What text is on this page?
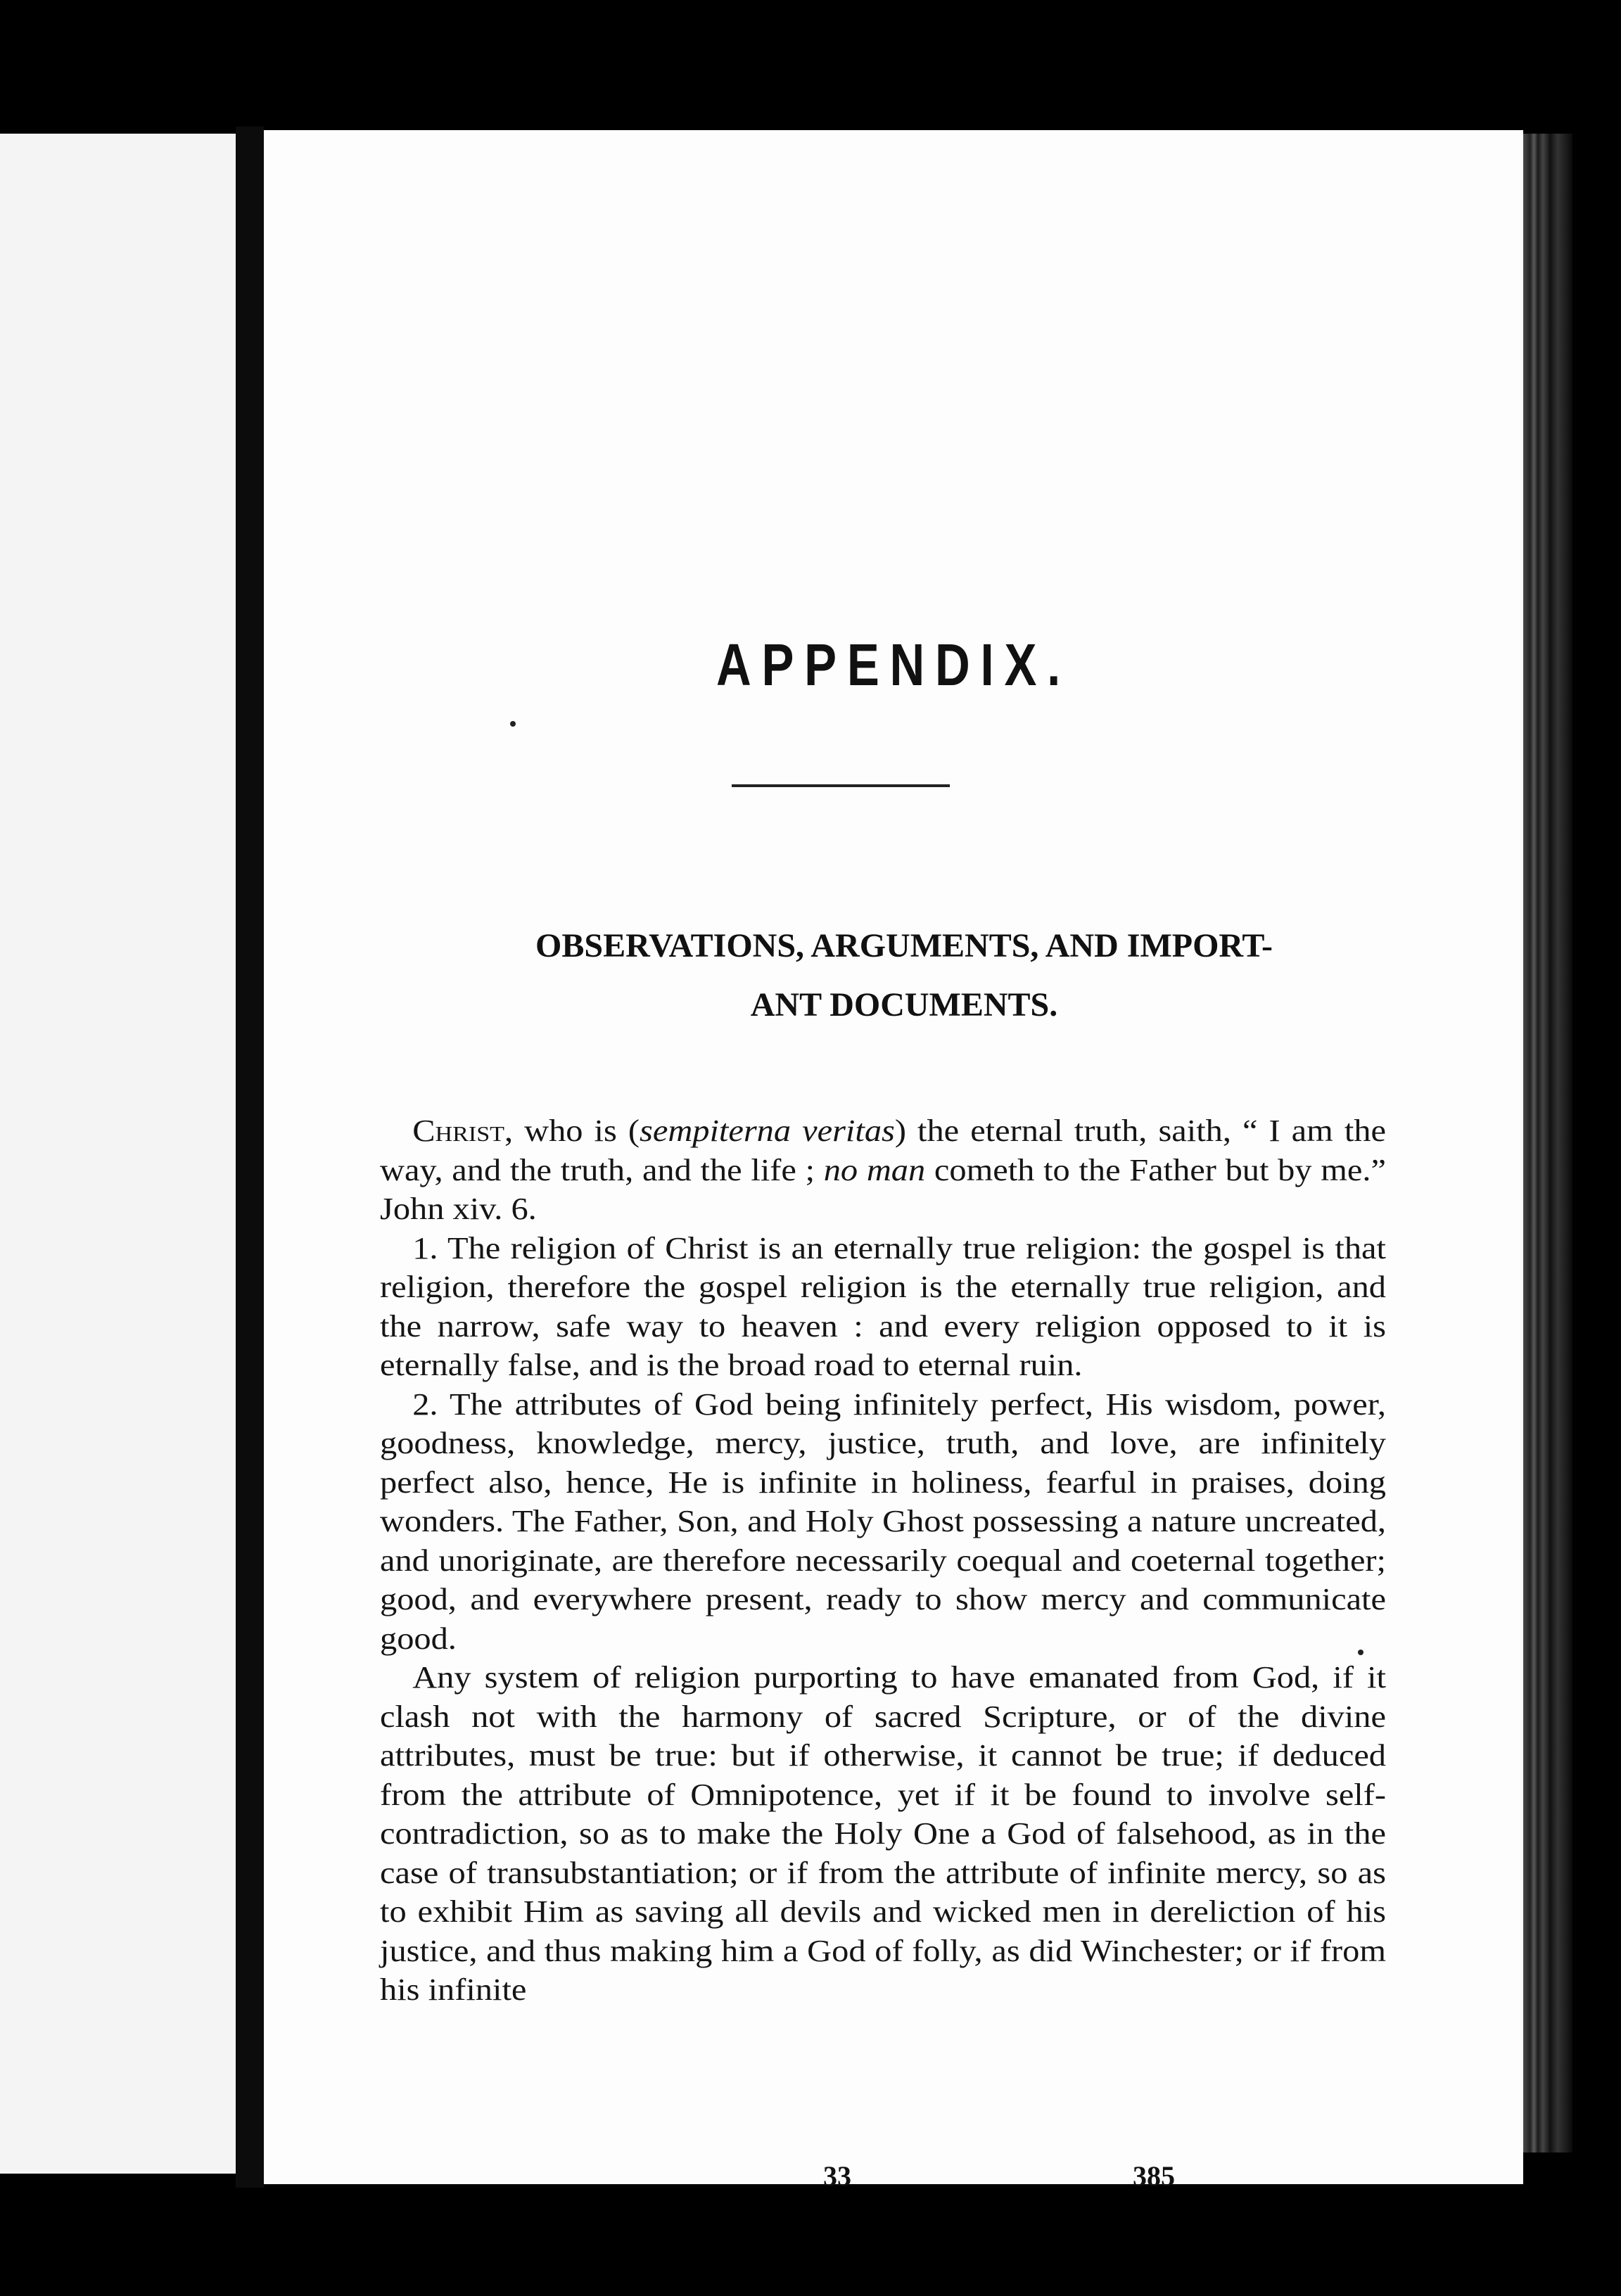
APPENDIX.
OBSERVATIONS, ARGUMENTS, AND IMPORT-
ANT DOCUMENTS.

Christ, who is (sempiterna veritas) the eternal truth, saith, “ I am the way, and the truth, and the life ; no man cometh to the Father but by me.” John xiv. 6.

1. The religion of Christ is an eternally true religion: the gospel is that religion, therefore the gospel religion is the eternally true religion, and the narrow, safe way to heaven : and every religion opposed to it is eternally false, and is the broad road to eternal ruin.

2. The attributes of God being infinitely perfect, His wisdom, power, goodness, knowledge, mercy, justice, truth, and love, are infinitely perfect also, hence, He is infinite in holiness, fearful in praises, doing wonders. The Father, Son, and Holy Ghost possessing a nature uncreated, and unoriginate, are therefore necessarily coequal and coeternal together; good, and everywhere present, ready to show mercy and communicate good.

Any system of religion purporting to have emanated from God, if it clash not with the harmony of sacred Scripture, or of the divine attributes, must be true: but if otherwise, it cannot be true; if deduced from the attribute of Omnipotence, yet if it be found to involve self-contradiction, so as to make the Holy One a God of falsehood, as in the case of transubstantiation; or if from the attribute of infinite mercy, so as to exhibit Him as saving all devils and wicked men in dereliction of his justice, and thus making him a God of folly, as did Winchester; or if from his infinite

33	385
